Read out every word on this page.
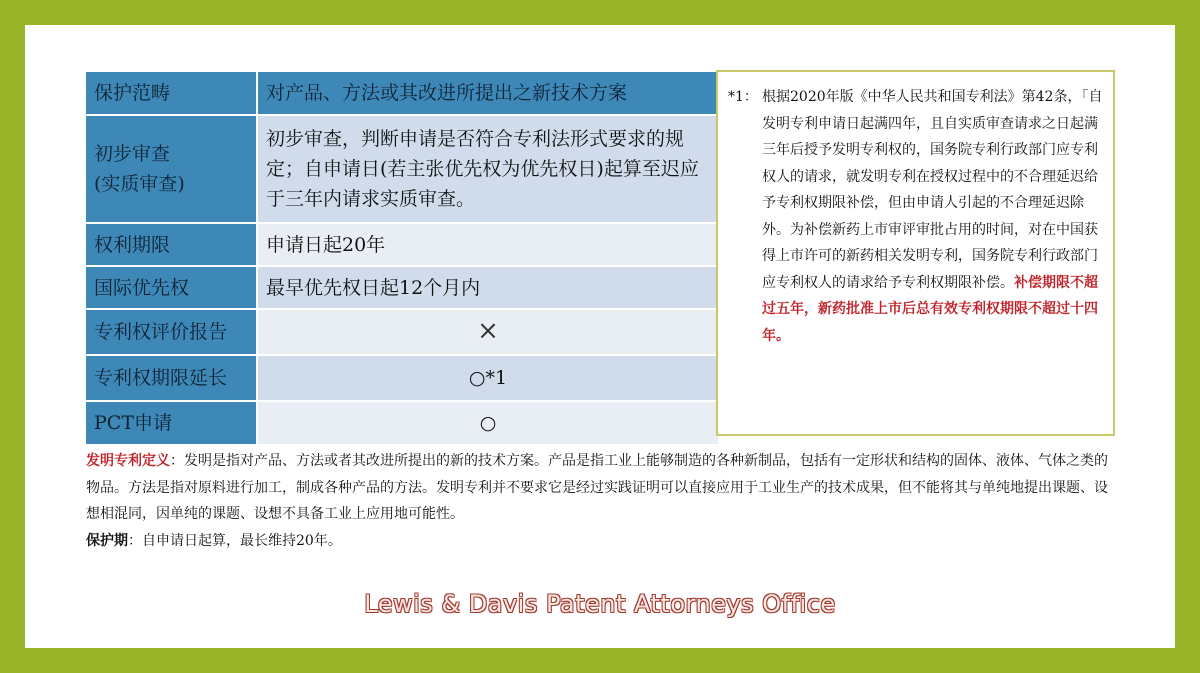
保护范畴	对产品、方法或其改进所提出之新技术方案
初步审查
(实质审查)	初步审查，判断申请是否符合专利法形式要求的规定；自申请日(若主张优先权为优先权日)起算至迟应于三年内请求实质审查。
权利期限	申请日起20年
国际优先权	最早优先权日起12个月内
专利权评价报告	×
专利权期限延长	○*1
PCT申请	○
*1： 根据2020年版《中华人民共和国专利法》第42条，「自发明专利申请日起满四年，且自实质审查请求之日起满三年后授予发明专利权的，国务院专利行政部门应专利权人的请求，就发明专利在授权过程中的不合理延迟给予专利权期限补偿，但由申请人引起的不合理延迟除外。为补偿新药上市审评审批占用的时间，对在中国获得上市许可的新药相关发明专利，国务院专利行政部门应专利权人的请求给予专利权期限补偿。补偿期限不超过五年，新药批准上市后总有效专利权期限不超过十四年。
发明专利定义：发明是指对产品、方法或者其改进所提出的新的技术方案。产品是指工业上能够制造的各种新制品，包括有一定形状和结构的固体、液体、气体之类的物品。方法是指对原料进行加工，制成各种产品的方法。发明专利并不要求它是经过实践证明可以直接应用于工业生产的技术成果，但不能将其与单纯地提出课题、设想相混同，因单纯的课题、设想不具备工业上应用地可能性。
保护期：自申请日起算，最长维持20年。
Lewis & Davis Patent Attorneys Office
